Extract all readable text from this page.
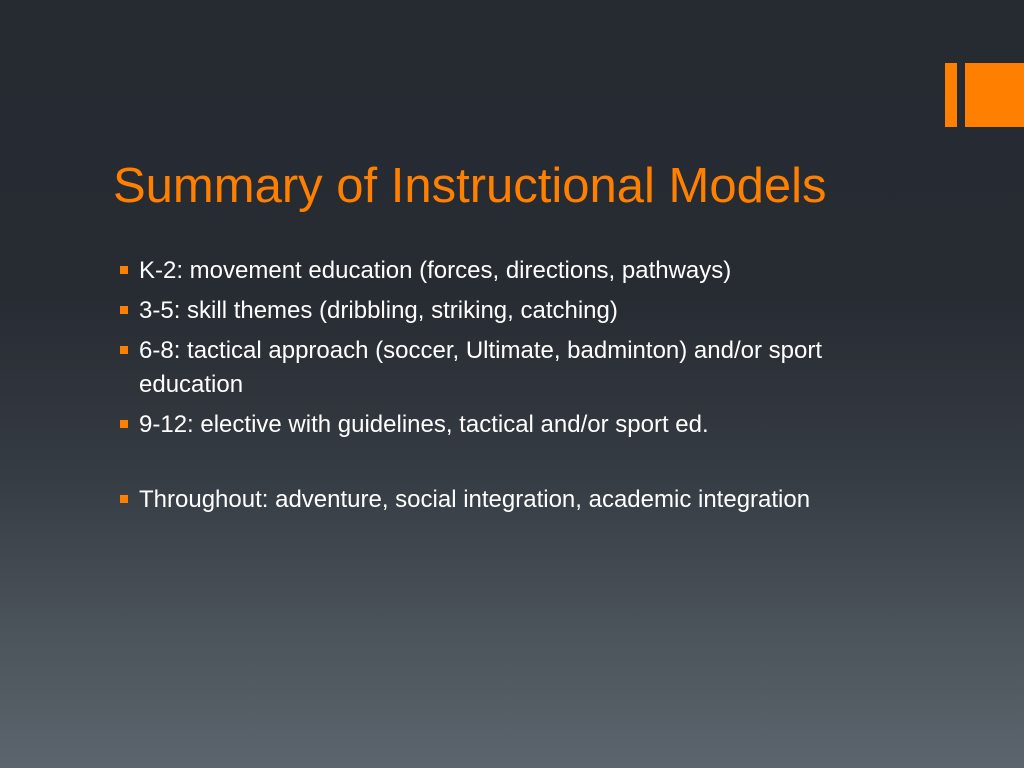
Summary of Instructional Models
K-2: movement education (forces, directions, pathways)
3-5: skill themes (dribbling, striking, catching)
6-8: tactical approach (soccer, Ultimate, badminton) and/or sport education
9-12: elective with guidelines, tactical and/or sport ed.
Throughout: adventure, social integration, academic integration
